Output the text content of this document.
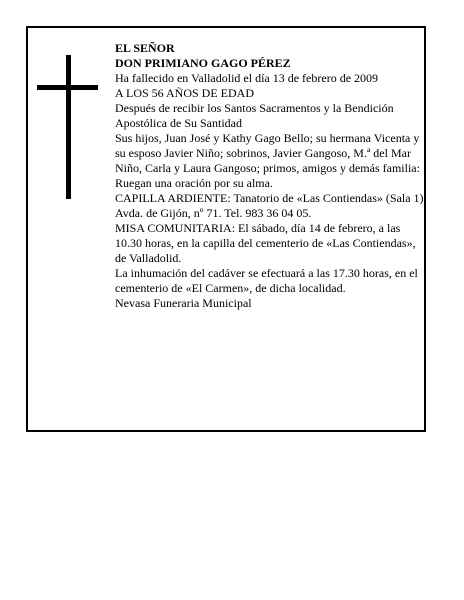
EL SEÑOR

DON PRIMIANO GAGO PÉREZ

Ha fallecido en Valladolid el día 13 de febrero de 2009

A LOS 56 AÑOS DE EDAD

Después de recibir los Santos Sacramentos y la Bendición Apostólica de Su Santidad

Sus hijos, Juan José y Kathy Gago Bello; su hermana Vicenta y su esposo Javier Niño; sobrinos, Javier Gangoso, M.ª del Mar Niño, Carla y Laura Gangoso; primos, amigos y demás familia:

Ruegan una oración por su alma.

CAPILLA ARDIENTE: Tanatorio de «Las Contiendas» (Sala 1). Avda. de Gijón, nº 71. Tel. 983 36 04 05.

MISA COMUNITARIA: El sábado, día 14 de febrero, a las 10.30 horas, en la capilla del cementerio de «Las Contiendas», de Valladolid.

La inhumación del cadáver se efectuará a las 17.30 horas, en el cementerio de «El Carmen», de dicha localidad.

Nevasa Funeraria Municipal
